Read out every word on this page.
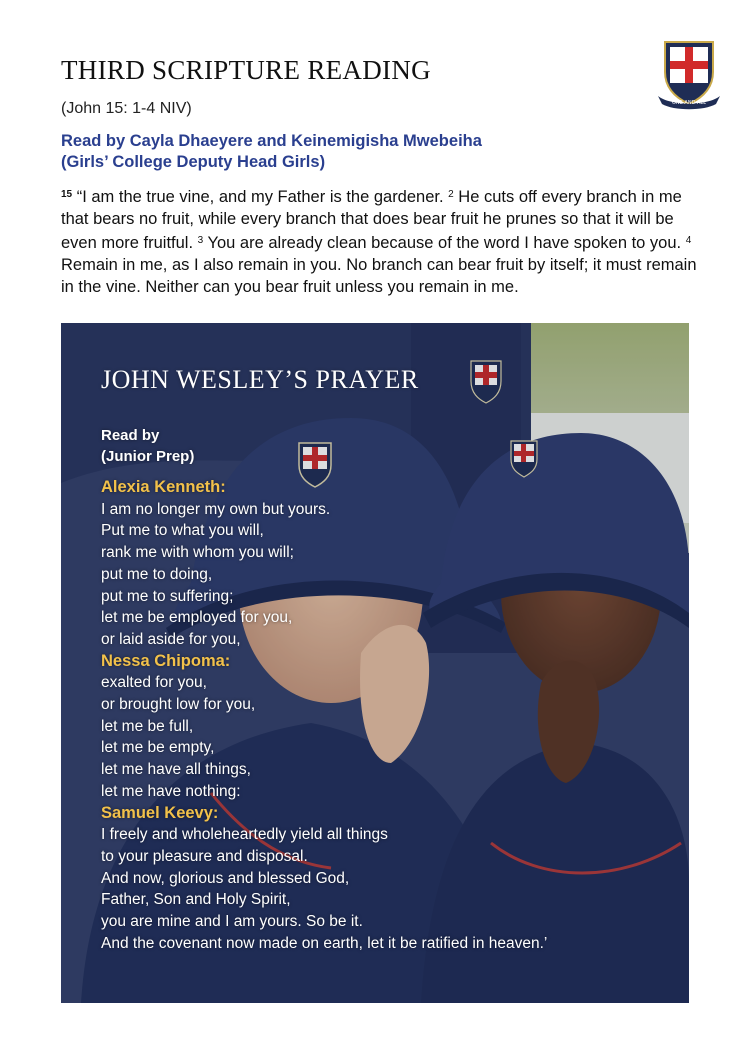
THIRD SCRIPTURE READING
(John 15: 1-4 NIV)
Read by Cayla Dhaeyere and Keinemigisha Mwebeiha
(Girls’ College Deputy Head Girls)
ONE AND ALL
$^{15}$ “I am the true vine, and my Father is the gardener. $^2$ He cuts off every branch in me that bears no fruit, while every branch that does bear fruit he prunes so that it will be even more fruitful. $^3$ You are already clean because of the word I have spoken to you. $^4$ Remain in me, as I also remain in you. No branch can bear fruit by itself; it must remain in the vine. Neither can you bear fruit unless you remain in me.
JOHN WESLEY’S PRAYER
Read by
(Junior Prep)
Alexia Kenneth:
I am no longer my own but yours.
Put me to what you will,
rank me with whom you will;
put me to doing,
put me to suffering;
let me be employed for you,
or laid aside for you,
Nessa Chipoma:
exalted for you,
or brought low for you,
let me be full,
let me be empty,
let me have all things,
let me have nothing:
Samuel Keevy:
I freely and wholeheartedly yield all things
to your pleasure and disposal.
And now, glorious and blessed God,
Father, Son and Holy Spirit,
you are mine and I am yours. So be it.
And the covenant now made on earth, let it be ratified in heaven.’
